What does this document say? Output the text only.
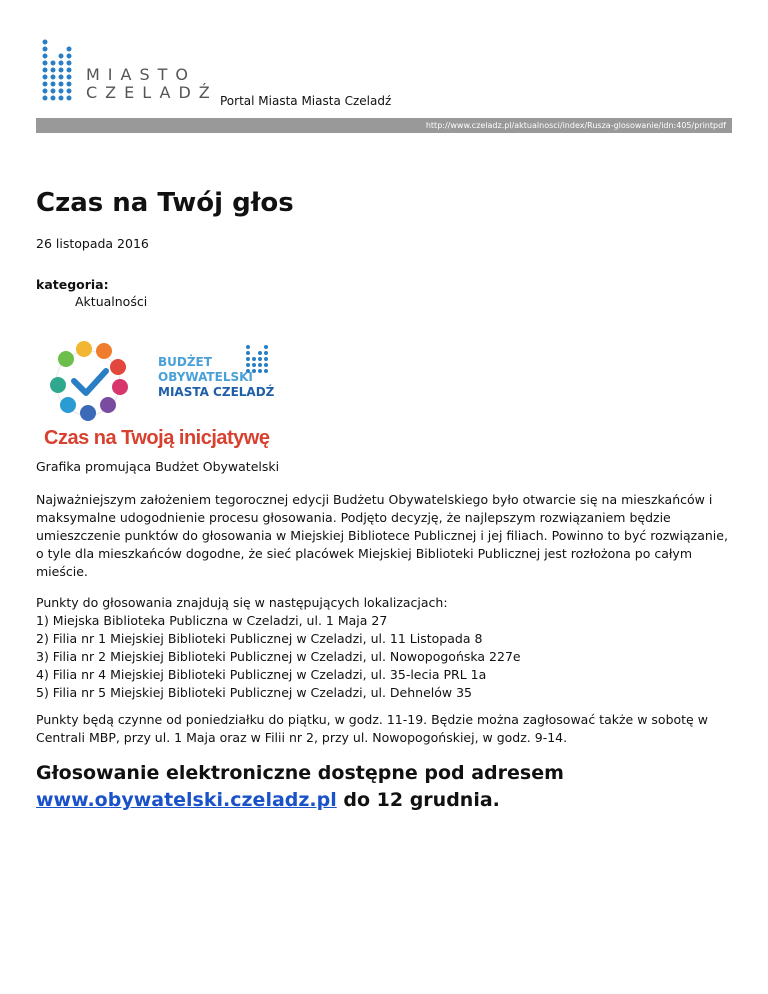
MIASTO
CZELADŹ Portal Miasta Miasta Czeladź
http://www.czeladz.pl/aktualnosci/index/Rusza-glosowanie/idn:405/printpdf
Czas na Twój głos
26 listopada 2016
kategoria:
Aktualności
BUDŻET
OBYWATELSKI
MIASTA CZELADŹ
Czas na Twoją inicjatywę
Grafika promująca Budżet Obywatelski

Najważniejszym założeniem tegorocznej edycji Budżetu Obywatelskiego było otwarcie się na mieszkańców i maksymalne udogodnienie procesu głosowania. Podjęto decyzję, że najlepszym rozwiązaniem będzie umieszczenie punktów do głosowania w Miejskiej Bibliotece Publicznej i jej filiach. Powinno to być rozwiązanie, o tyle dla mieszkańców dogodne, że sieć placówek Miejskiej Biblioteki Publicznej jest rozłożona po całym mieście.

Punkty do głosowania znajdują się w następujących lokalizacjach:
1) Miejska Biblioteka Publiczna w Czeladzi, ul. 1 Maja 27
2) Filia nr 1 Miejskiej Biblioteki Publicznej w Czeladzi, ul. 11 Listopada 8
3) Filia nr 2 Miejskiej Biblioteki Publicznej w Czeladzi, ul. Nowopogońska 227e
4) Filia nr 4 Miejskiej Biblioteki Publicznej w Czeladzi, ul. 35-lecia PRL 1a
5) Filia nr 5 Miejskiej Biblioteki Publicznej w Czeladzi, ul. Dehnelów 35

Punkty będą czynne od poniedziałku do piątku, w godz. 11-19. Będzie można zagłosować także w sobotę w Centrali MBP, przy ul. 1 Maja oraz w Filii nr 2, przy ul. Nowopogońskiej, w godz. 9-14.

Głosowanie elektroniczne dostępne pod adresem
www.obywatelski.czeladz.pl do 12 grudnia.
